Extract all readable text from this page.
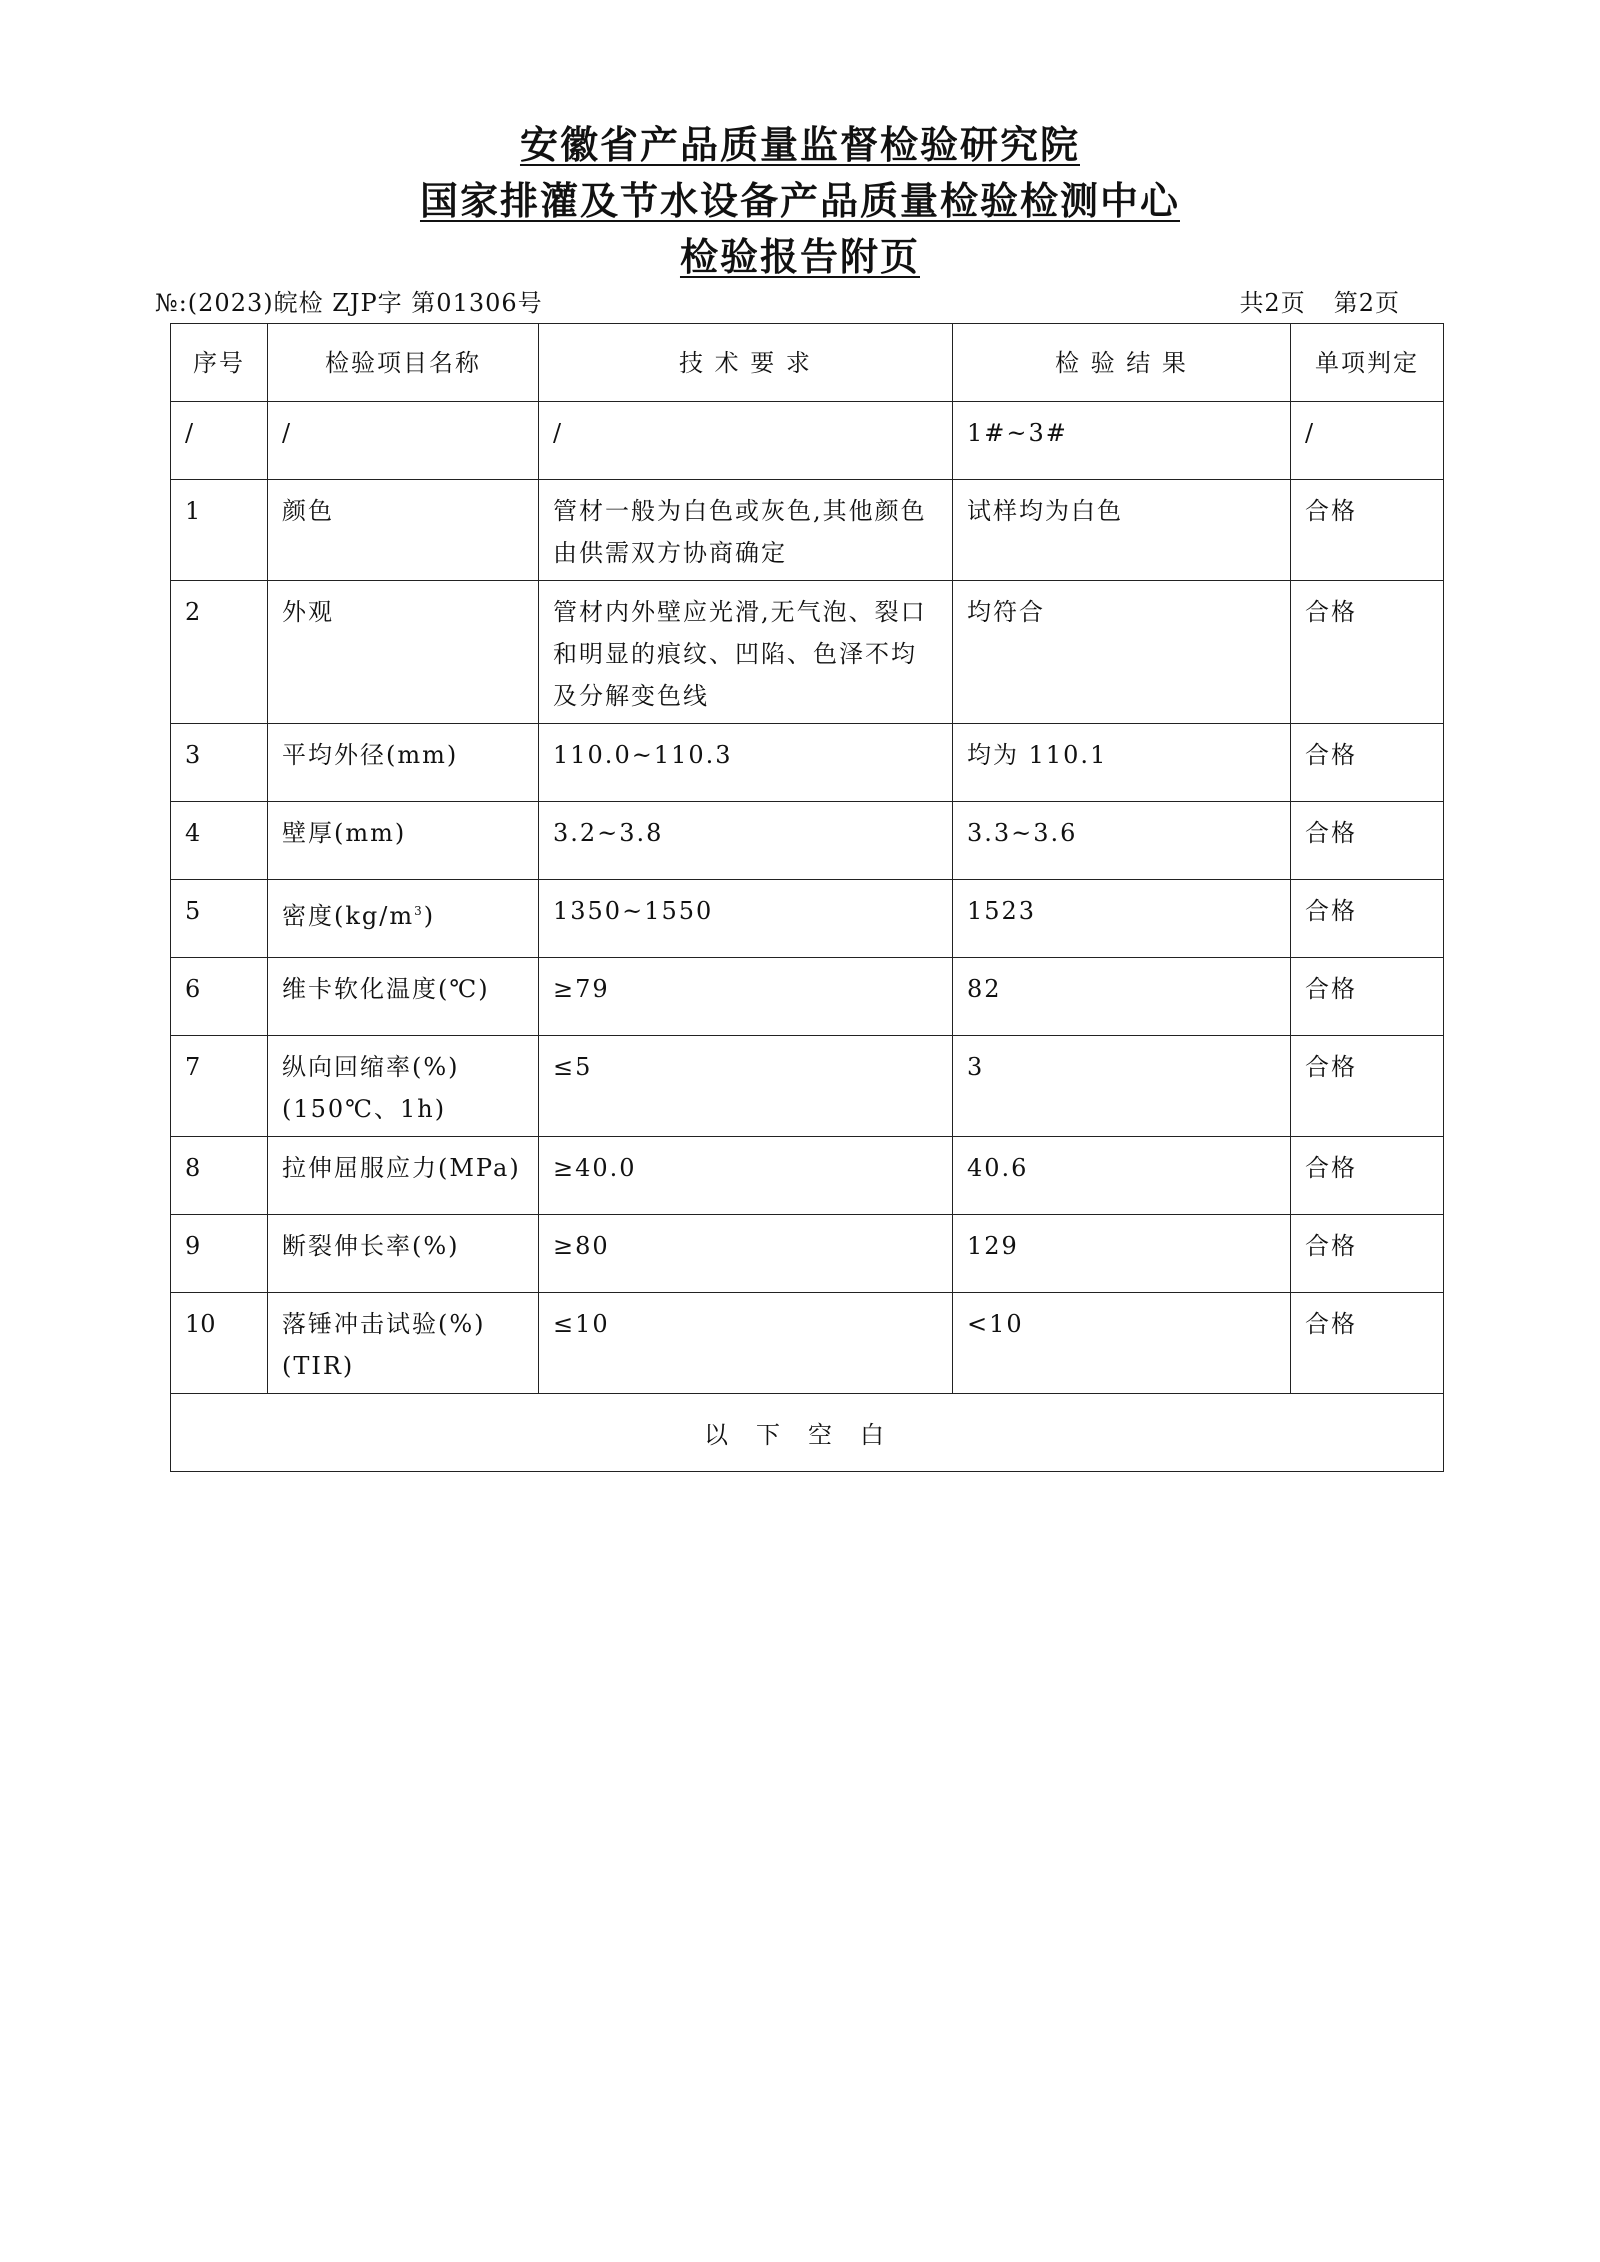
安徽省产品质量监督检验研究院
国家排灌及节水设备产品质量检验检测中心
检验报告附页
№:(2023)皖检 ZJP字 第01306号	共2页 第2页
序号	检验项目名称	技 术 要 求	检 验 结 果	单项判定
/	/	/	1#~3#	/
1	颜色	管材一般为白色或灰色,其他颜色由供需双方协商确定	试样均为白色	合格
2	外观	管材内外壁应光滑,无气泡、裂口和明显的痕纹、凹陷、色泽不均及分解变色线	均符合	合格
3	平均外径(mm)	110.0~110.3	均为 110.1	合格
4	壁厚(mm)	3.2~3.8	3.3~3.6	合格
5	密度$(kg/m^3)$	1350~1550	1523	合格
6	维卡软化温度(℃)	≥79	82	合格
7	纵向回缩率(%)(150℃、1h)	≤5	3	合格
8	拉伸屈服应力(MPa)	≥40.0	40.6	合格
9	断裂伸长率(%)	≥80	129	合格
10	落锤冲击试验(%)(TIR)	≤10	<10	合格
以下空白				
